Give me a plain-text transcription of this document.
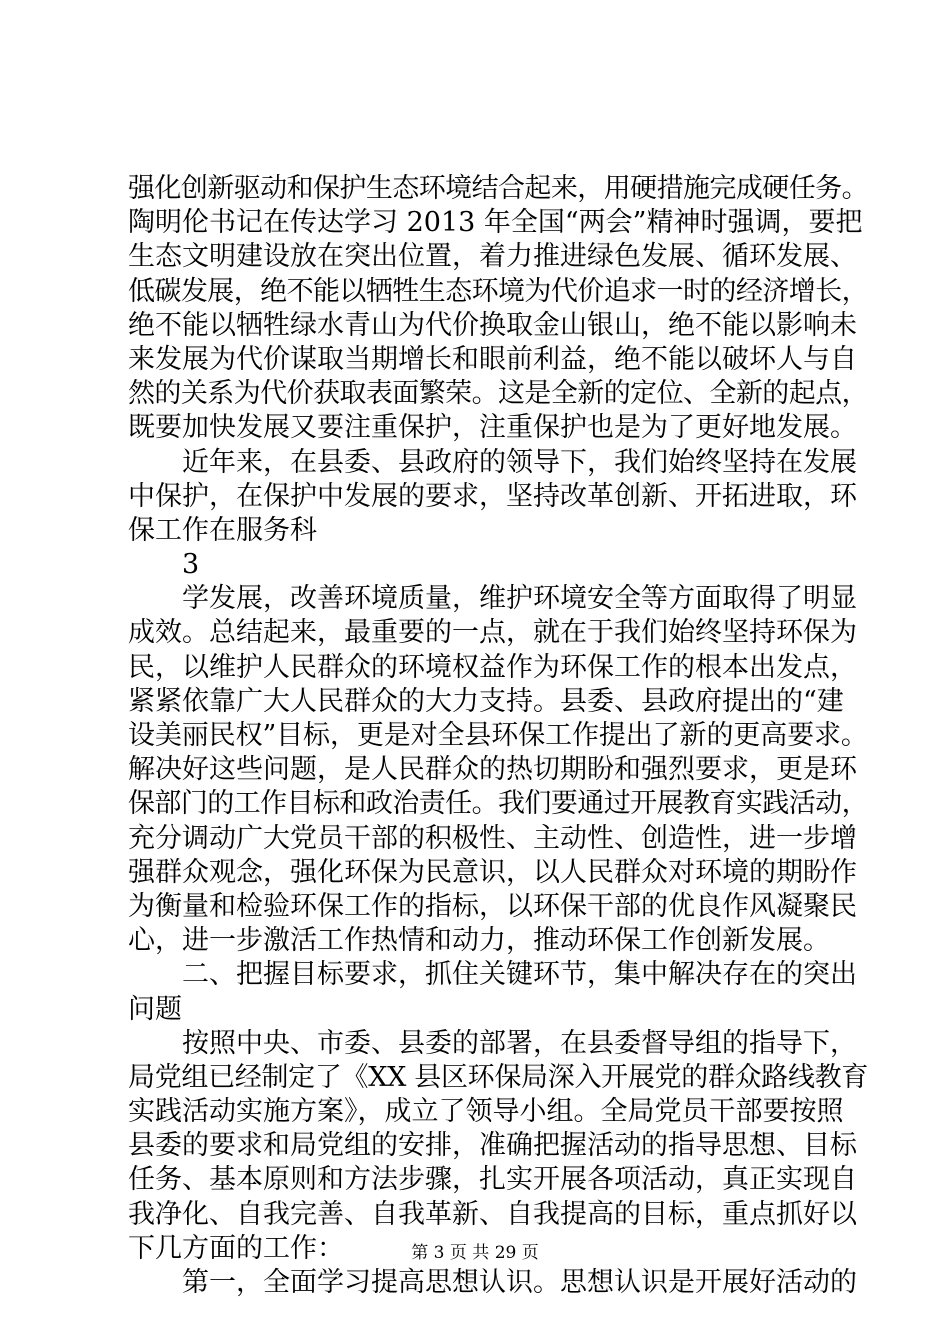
强化创新驱动和保护生态环境结合起来，用硬措施完成硬任务。
陶明伦书记在传达学习 2013 年全国“两会”精神时强调，要把
生态文明建设放在突出位置，着力推进绿色发展、循环发展、
低碳发展，绝不能以牺牲生态环境为代价追求一时的经济增长，
绝不能以牺牲绿水青山为代价换取金山银山，绝不能以影响未
来发展为代价谋取当期增长和眼前利益，绝不能以破坏人与自
然的关系为代价获取表面繁荣。这是全新的定位、全新的起点，
既要加快发展又要注重保护，注重保护也是为了更好地发展。
近年来，在县委、县政府的领导下，我们始终坚持在发展
中保护，在保护中发展的要求，坚持改革创新、开拓进取，环
保工作在服务科
3
学发展，改善环境质量，维护环境安全等方面取得了明显
成效。总结起来，最重要的一点，就在于我们始终坚持环保为
民，以维护人民群众的环境权益作为环保工作的根本出发点，
紧紧依靠广大人民群众的大力支持。县委、县政府提出的“建
设美丽民权”目标，更是对全县环保工作提出了新的更高要求。
解决好这些问题，是人民群众的热切期盼和强烈要求，更是环
保部门的工作目标和政治责任。我们要通过开展教育实践活动，
充分调动广大党员干部的积极性、主动性、创造性，进一步增
强群众观念，强化环保为民意识，以人民群众对环境的期盼作
为衡量和检验环保工作的指标，以环保干部的优良作风凝聚民
心，进一步激活工作热情和动力，推动环保工作创新发展。
二、把握目标要求，抓住关键环节，集中解决存在的突出
问题
按照中央、市委、县委的部署，在县委督导组的指导下，
局党组已经制定了《XX 县区环保局深入开展党的群众路线教育
实践活动实施方案》，成立了领导小组。全局党员干部要按照
县委的要求和局党组的安排，准确把握活动的指导思想、目标
任务、基本原则和方法步骤，扎实开展各项活动，真正实现自
我净化、自我完善、自我革新、自我提高的目标，重点抓好以
下几方面的工作：
第一，全面学习提高思想认识。思想认识是开展好活动的
第 3 页 共 29 页
